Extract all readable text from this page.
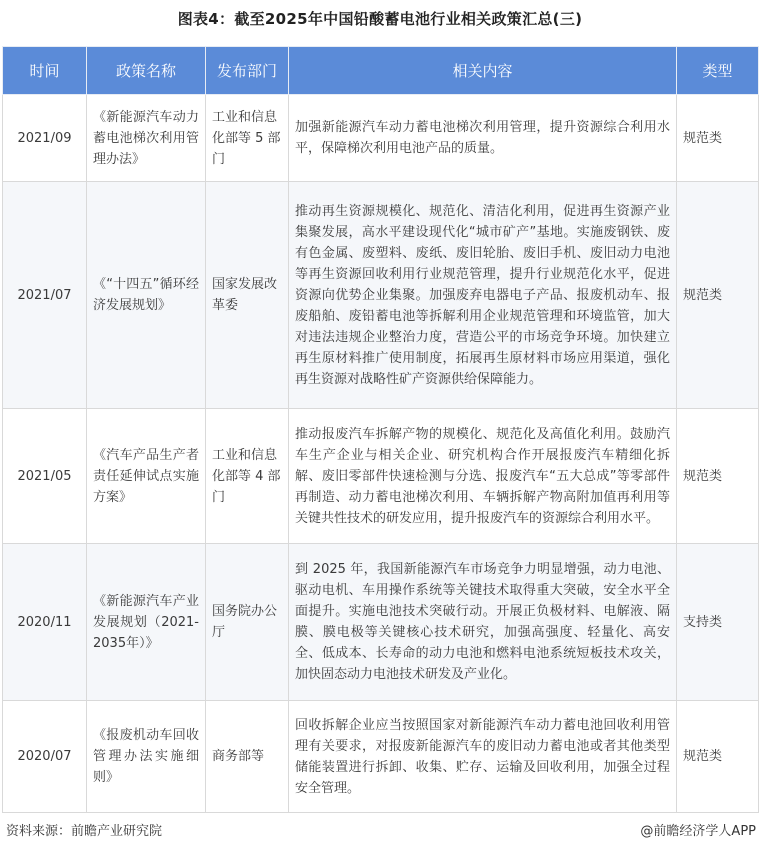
图表4：截至2025年中国铅酸蓄电池行业相关政策汇总(三)
时间	政策名称	发布部门	相关内容	类型
2021/09	《新能源汽车动力蓄电池梯次利用管理办法》	工业和信息化部等 5 部门	加强新能源汽车动力蓄电池梯次利用管理，提升资源综合利用水平，保障梯次利用电池产品的质量。	规范类
2021/07	《“十四五”循环经济发展规划》	国家发展改革委	推动再生资源规模化、规范化、清洁化利用，促进再生资源产业集聚发展，高水平建设现代化“城市矿产”基地。实施废钢铁、废有色金属、废塑料、废纸、废旧轮胎、废旧手机、废旧动力电池等再生资源回收利用行业规范管理，提升行业规范化水平，促进资源向优势企业集聚。加强废弃电器电子产品、报废机动车、报废船舶、废铅蓄电池等拆解利用企业规范管理和环境监管，加大对违法违规企业整治力度，营造公平的市场竞争环境。加快建立再生原材料推广使用制度，拓展再生原材料市场应用渠道，强化再生资源对战略性矿产资源供给保障能力。	规范类
2021/05	《汽车产品生产者责任延伸试点实施方案》	工业和信息化部等 4 部门	推动报废汽车拆解产物的规模化、规范化及高值化利用。鼓励汽车生产企业与相关企业、研究机构合作开展报废汽车精细化拆解、废旧零部件快速检测与分选、报废汽车“五大总成”等零部件再制造、动力蓄电池梯次利用、车辆拆解产物高附加值再利用等关键共性技术的研发应用，提升报废汽车的资源综合利用水平。	规范类
2020/11	《新能源汽车产业发展规划（2021-2035年）》	国务院办公厅	到 2025 年，我国新能源汽车市场竞争力明显增强，动力电池、驱动电机、车用操作系统等关键技术取得重大突破，安全水平全面提升。实施电池技术突破行动。开展正负极材料、电解液、隔膜、膜电极等关键核心技术研究，加强高强度、轻量化、高安全、低成本、长寿命的动力电池和燃料电池系统短板技术攻关，加快固态动力电池技术研发及产业化。	支持类
2020/07	《报废机动车回收管理办法实施细则》	商务部等	回收拆解企业应当按照国家对新能源汽车动力蓄电池回收利用管理有关要求，对报废新能源汽车的废旧动力蓄电池或者其他类型储能装置进行拆卸、收集、贮存、运输及回收利用，加强全过程安全管理。	规范类
资料来源：前瞻产业研究院	@前瞻经济学人APP
